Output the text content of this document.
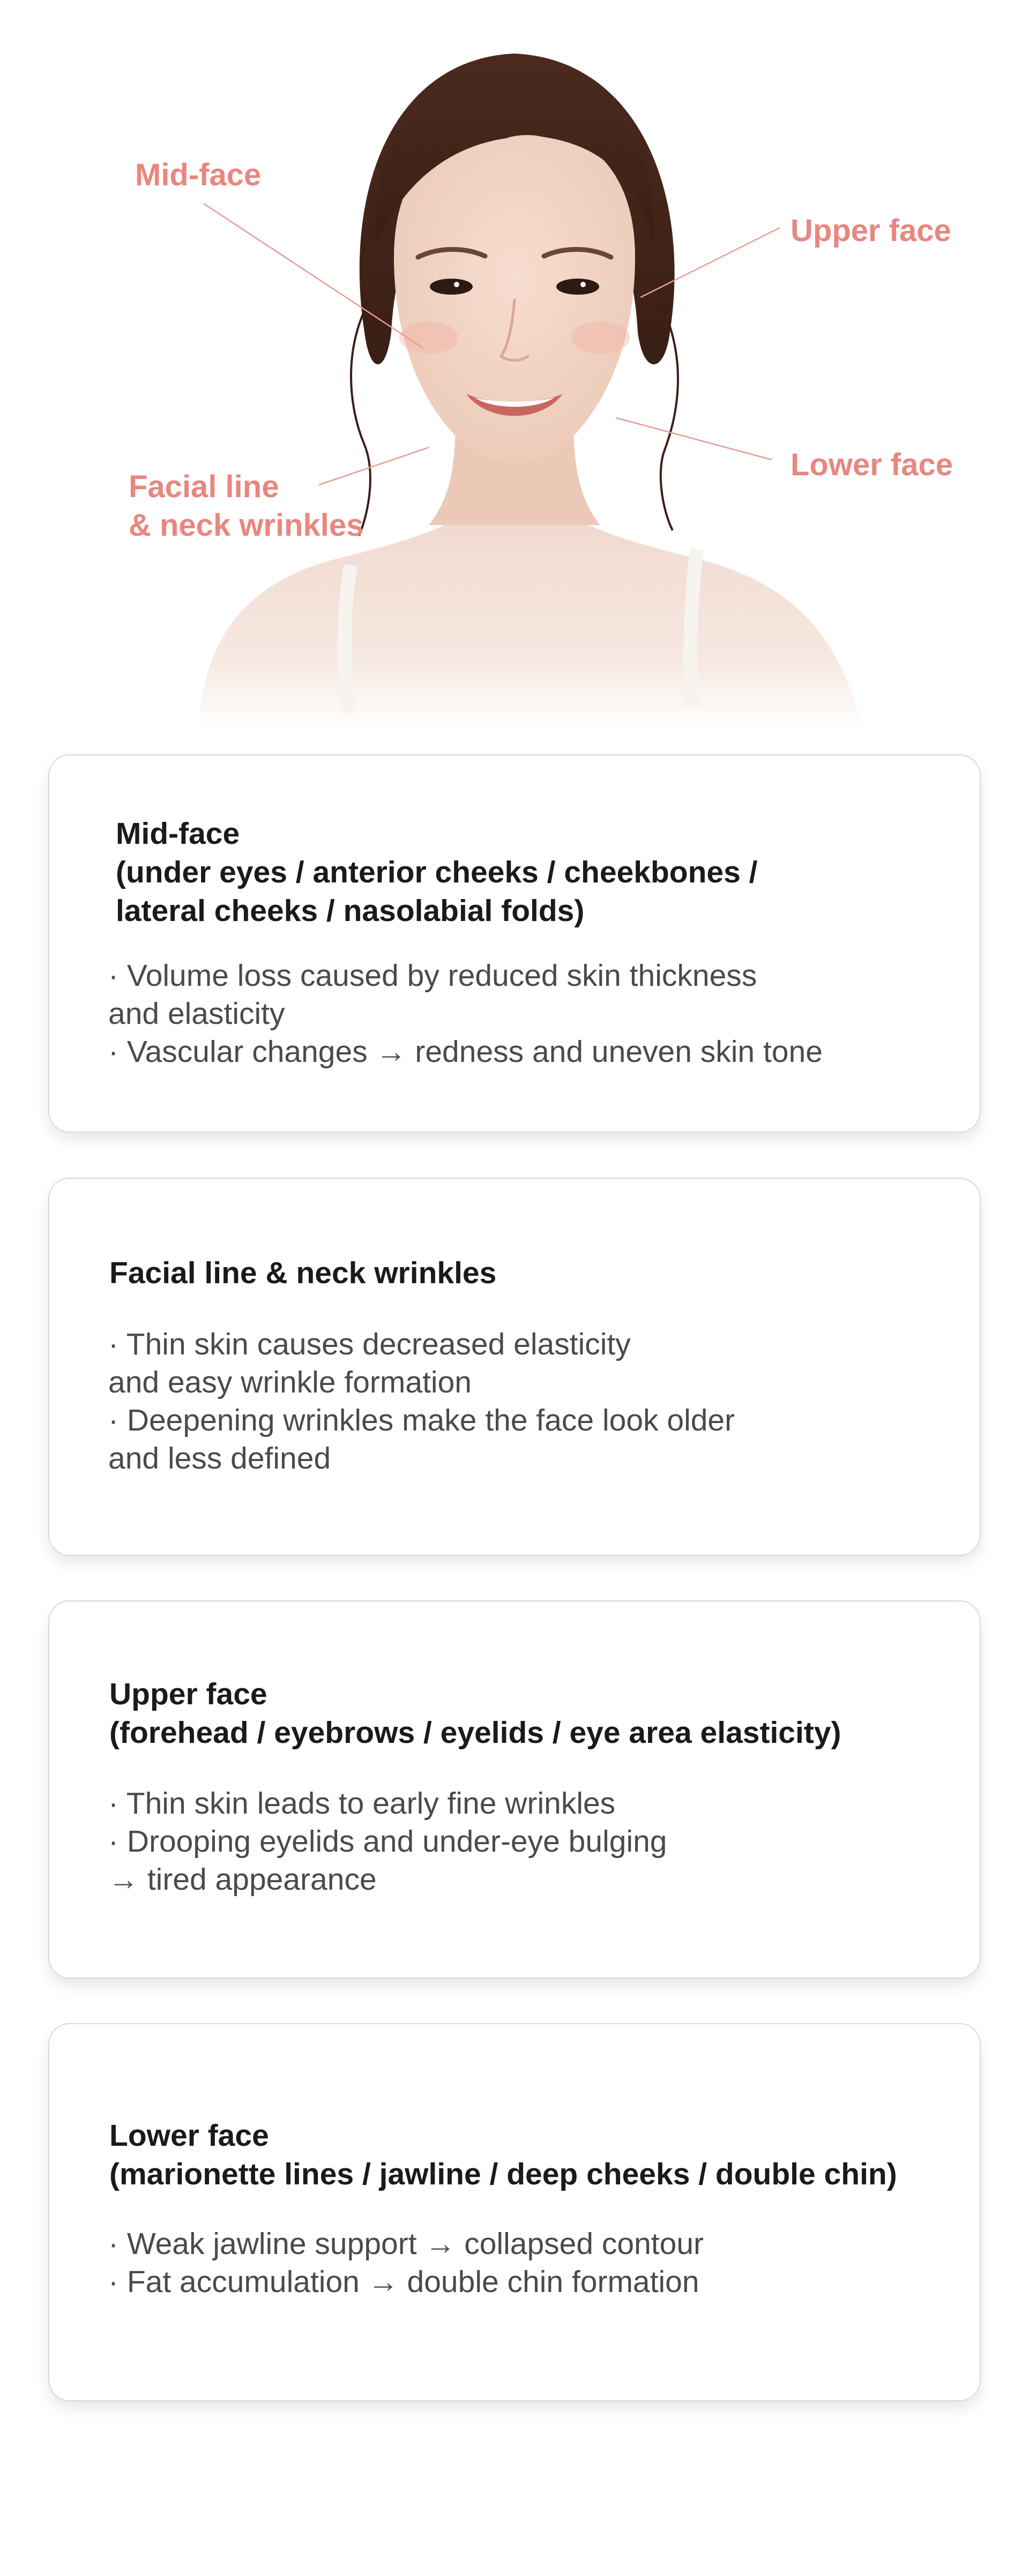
Mid-face

Upper face

Lower face

Facial line
& neck wrinkles

Mid-face
(under eyes / anterior cheeks / cheekbones /
lateral cheeks / nasolabial folds)
· Volume loss caused by reduced skin thickness
and elasticity
· Vascular changes → redness and uneven skin tone
Facial line & neck wrinkles
· Thin skin causes decreased elasticity
and easy wrinkle formation
· Deepening wrinkles make the face look older
and less defined
Upper face
(forehead / eyebrows / eyelids / eye area elasticity)
· Thin skin leads to early fine wrinkles
· Drooping eyelids and under-eye bulging
→ tired appearance
Lower face
(marionette lines / jawline / deep cheeks / double chin)
· Weak jawline support → collapsed contour
· Fat accumulation → double chin formation
